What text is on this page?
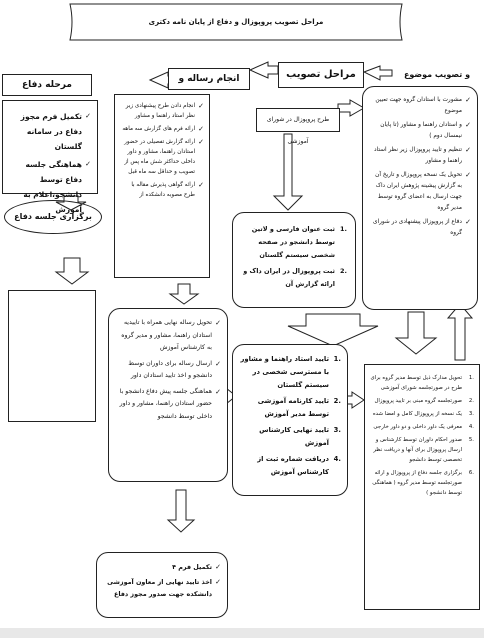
مراحل تصویب پروپوزال و دفاع از پایان نامه دکتری
مرحله دفاع
انجام رساله و	مراحل تصویب	و تصویب موضوع
✓ تکمیل فرم مجوز دفاع در سامانه گلستان
✓ هماهنگی جلسه دفاع توسط دانشجو،اعلام به آموزش
برگزاری جلسه دفاع
✓ انجام دادن طرح پیشنهادی زیر نظر استاد راهنما و مشاور
✓ ارائه فرم های گزارش سه ماهه
✓ ارائه گزارش تفصیلی در حضور استادان راهنما، مشاور و داور داخلی حداکثر شش ماه پس از تصویب و حداقل سه ماه قبل
✓ ارائه گواهی پذیرش مقاله با طرح مصوبه دانشکده از
طرح پروپوزال در شورای آموزشی
.1
ثبت عنوان فارسی و لاتین توسط دانشجو در صفحه شخصی سیستم گلستان
.2
ثبت پروپوزال در ایران داک و ارائه گزارش آن
✓ مشورت با استادان گروه جهت تعیین موضوع
✓ و استادان راهنما و مشاور (تا پایان نیمسال دوم )
✓ تنظیم و تایید پروپوزال زیر نظر استاد راهنما و مشاور
✓ تحویل یک نسخه پروپوزال و تاریخ آن به گزارش پیشینه پژوهش ایران داک جهت ارسال به اعضای گروه توسط مدیر گروه
✓ دفاع از پروپوزال پیشنهادی در شورای گروه
✓ تحویل رساله نهایی همراه با تاییدیه استادان راهنما، مشاور و مدیر گروه به کارشناس آموزش
✓ ارسال رساله برای داوران توسط دانشجو و اخذ تایید استادان داور
✓ هماهنگی جلسه پیش دفاع دانشجو با حضور استادان راهنما، مشاور و داور داخلی توسط دانشجو
.1
تایید استاد راهنما و مشاور با مسترسی شخصی در سیستم گلستان
.2
تایید کارنامه آموزشی توسط مدیر آموزش
.3
تایید نهایی کارشناس آموزش
.4
دریافت شماره ثبت از کارشناس آموزش
.1
تحویل مدارک ذیل توسط مدیر گروه برای طرح در صورتجلسه شورای آموزشی
.2
صورتجلسه گروه مبنی بر تایید پروپوزال
.3
یک نسخه از پروپوزال کامل و امضا شده
.4
معرفی یک داور داخلی و دو داور خارجی
.5
صدور احکام داوران توسط کارشناس و ارسال پروپوزال برای آنها و دریافت نظر تخصصی توسط دانشجو
.6
برگزاری جلسه دفاع از پروپوزال و ارائه صورتجلسه توسط مدیر گروه ( هماهنگی توسط دانشجو )
✓ تکمیل فرم ۴
✓ اخذ تایید نهایی از معاون آموزشی دانشکده جهت صدور مجوز دفاع
